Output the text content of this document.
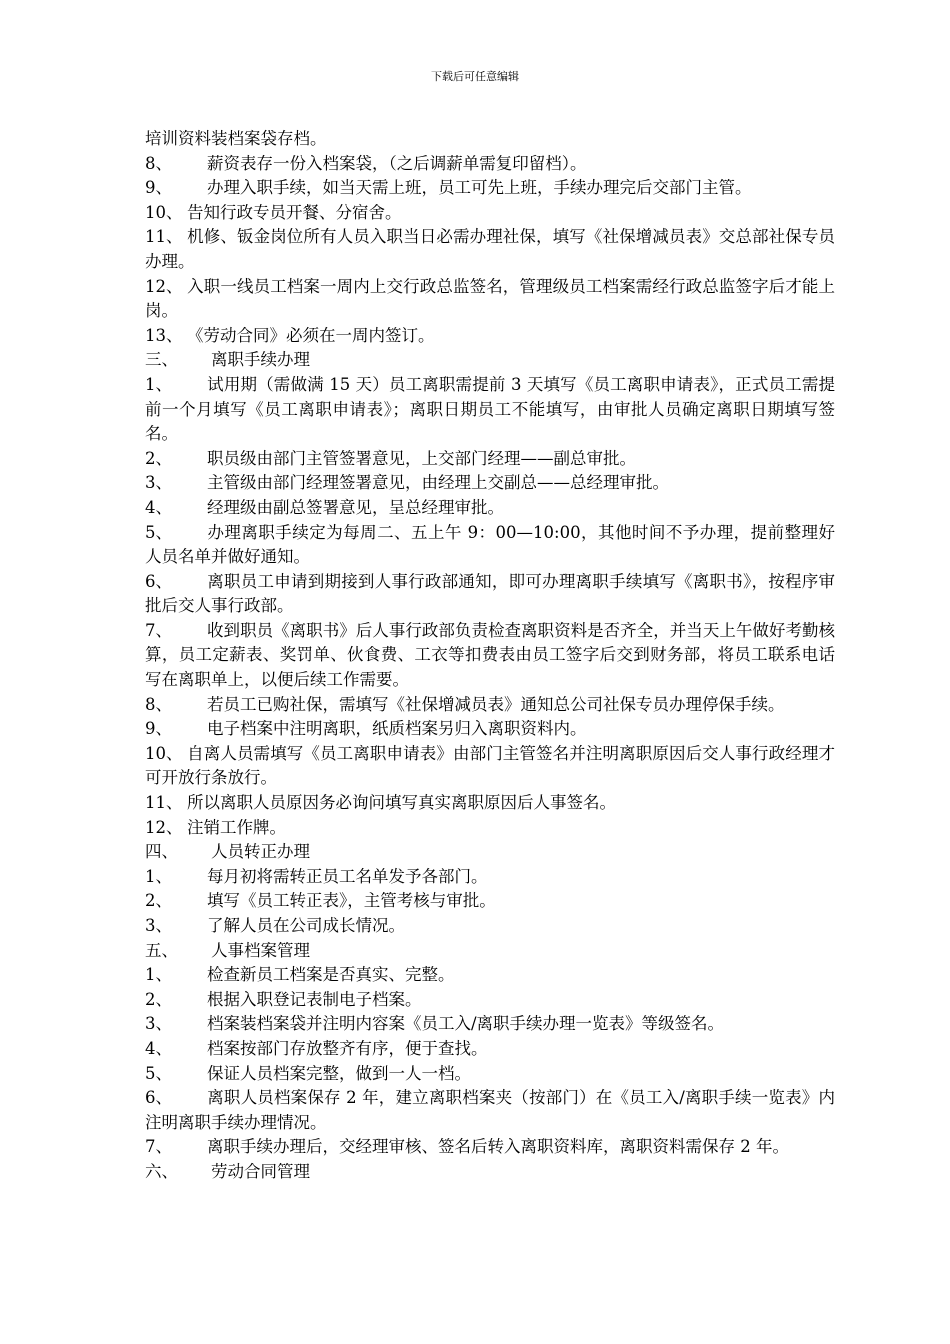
下载后可任意编辑

培训资料装档案袋存档。

8、 薪资表存一份入档案袋，（之后调薪单需复印留档）。

9、 办理入职手续，如当天需上班，员工可先上班，手续办理完后交部门主管。

10、 告知行政专员开餐、分宿舍。

11、 机修、钣金岗位所有人员入职当日必需办理社保，填写《社保增减员表》交总部社保专员办理。

12、 入职一线员工档案一周内上交行政总监签名，管理级员工档案需经行政总监签字后才能上岗。

13、 《劳动合同》必须在一周内签订。

三、 离职手续办理

1、 试用期（需做满 15 天）员工离职需提前 3 天填写《员工离职申请表》，正式员工需提前一个月填写《员工离职申请表》；离职日期员工不能填写，由审批人员确定离职日期填写签名。

2、 职员级由部门主管签署意见，上交部门经理——副总审批。

3、 主管级由部门经理签署意见，由经理上交副总——总经理审批。

4、 经理级由副总签署意见，呈总经理审批。

5、 办理离职手续定为每周二、五上午 9：00—10:00，其他时间不予办理，提前整理好人员名单并做好通知。

6、 离职员工申请到期接到人事行政部通知，即可办理离职手续填写《离职书》，按程序审批后交人事行政部。

7、 收到职员《离职书》后人事行政部负责检查离职资料是否齐全，并当天上午做好考勤核算，员工定薪表、奖罚单、伙食费、工衣等扣费表由员工签字后交到财务部，将员工联系电话写在离职单上，以便后续工作需要。

8、 若员工已购社保，需填写《社保增减员表》通知总公司社保专员办理停保手续。

9、 电子档案中注明离职，纸质档案另归入离职资料内。

10、 自离人员需填写《员工离职申请表》由部门主管签名并注明离职原因后交人事行政经理才可开放行条放行。

11、 所以离职人员原因务必询问填写真实离职原因后人事签名。

12、 注销工作牌。

四、 人员转正办理

1、 每月初将需转正员工名单发予各部门。

2、 填写《员工转正表》，主管考核与审批。

3、 了解人员在公司成长情况。

五、 人事档案管理

1、 检查新员工档案是否真实、完整。

2、 根据入职登记表制电子档案。

3、 档案装档案袋并注明内容案《员工入/离职手续办理一览表》等级签名。

4、 档案按部门存放整齐有序，便于查找。

5、 保证人员档案完整，做到一人一档。

6、 离职人员档案保存 2 年，建立离职档案夹（按部门）在《员工入/离职手续一览表》内注明离职手续办理情况。

7、 离职手续办理后，交经理审核、签名后转入离职资料库，离职资料需保存 2 年。

六、 劳动合同管理
